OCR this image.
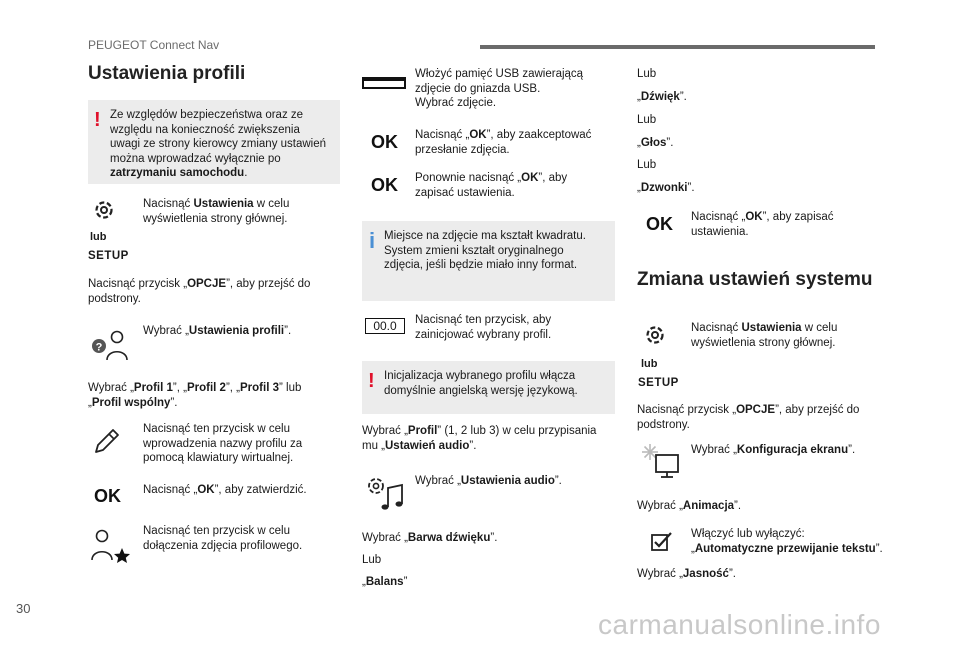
PEUGEOT Connect Nav
30
carmanualsonline.info
Ustawienia profili
! Ze względów bezpieczeństwa oraz ze
względu na konieczność zwiększenia
uwagi ze strony kierowcy zmiany ustawień
można wprowadzać wyłącznie po
zatrzymaniu samochodu.
lub
SETUP
Nacisnąć Ustawienia w celu
wyświetlenia strony głównej.
Nacisnąć przycisk „OPCJE”, aby przejść do
podstrony.
?
Wybrać „Ustawienia profili”.
Wybrać „Profil 1”, „Profil 2”, „Profil 3” lub
„Profil wspólny”.
Nacisnąć ten przycisk w celu
wprowadzenia nazwy profilu za
pomocą klawiatury wirtualnej.
OK Nacisnąć „OK”, aby zatwierdzić.
Nacisnąć ten przycisk w celu
dołączenia zdjęcia profilowego.
Włożyć pamięć USB zawierającą
zdjęcie do gniazda USB.
Wybrać zdjęcie.
OK Nacisnąć „OK”, aby zaakceptować
przesłanie zdjęcia.
OK Ponownie nacisnąć „OK”, aby
zapisać ustawienia.
i Miejsce na zdjęcie ma kształt kwadratu.
System zmieni kształt oryginalnego
zdjęcia, jeśli będzie miało inny format.
00.0	Nacisnąć ten przycisk, aby
zainicjować wybrany profil.
! Inicjalizacja wybranego profilu włącza
domyślnie angielską wersję językową.
Wybrać „Profil” (1, 2 lub 3) w celu przypisania
mu „Ustawień audio”.
Wybrać „Ustawienia audio”.
Wybrać „Barwa dźwięku”.
Lub
„Balans”
Lub
„Dźwięk”.
Lub
„Głos”.
Lub
„Dzwonki”.
OK Nacisnąć „OK”, aby zapisać
ustawienia.
Zmiana ustawień systemu
lub
SETUP
Nacisnąć Ustawienia w celu
wyświetlenia strony głównej.
Nacisnąć przycisk „OPCJE”, aby przejść do
podstrony.
Wybrać „Konfiguracja ekranu”.
Wybrać „Animacja”.
Włączyć lub wyłączyć:
„Automatyczne przewijanie tekstu”.
Wybrać „Jasność”.
